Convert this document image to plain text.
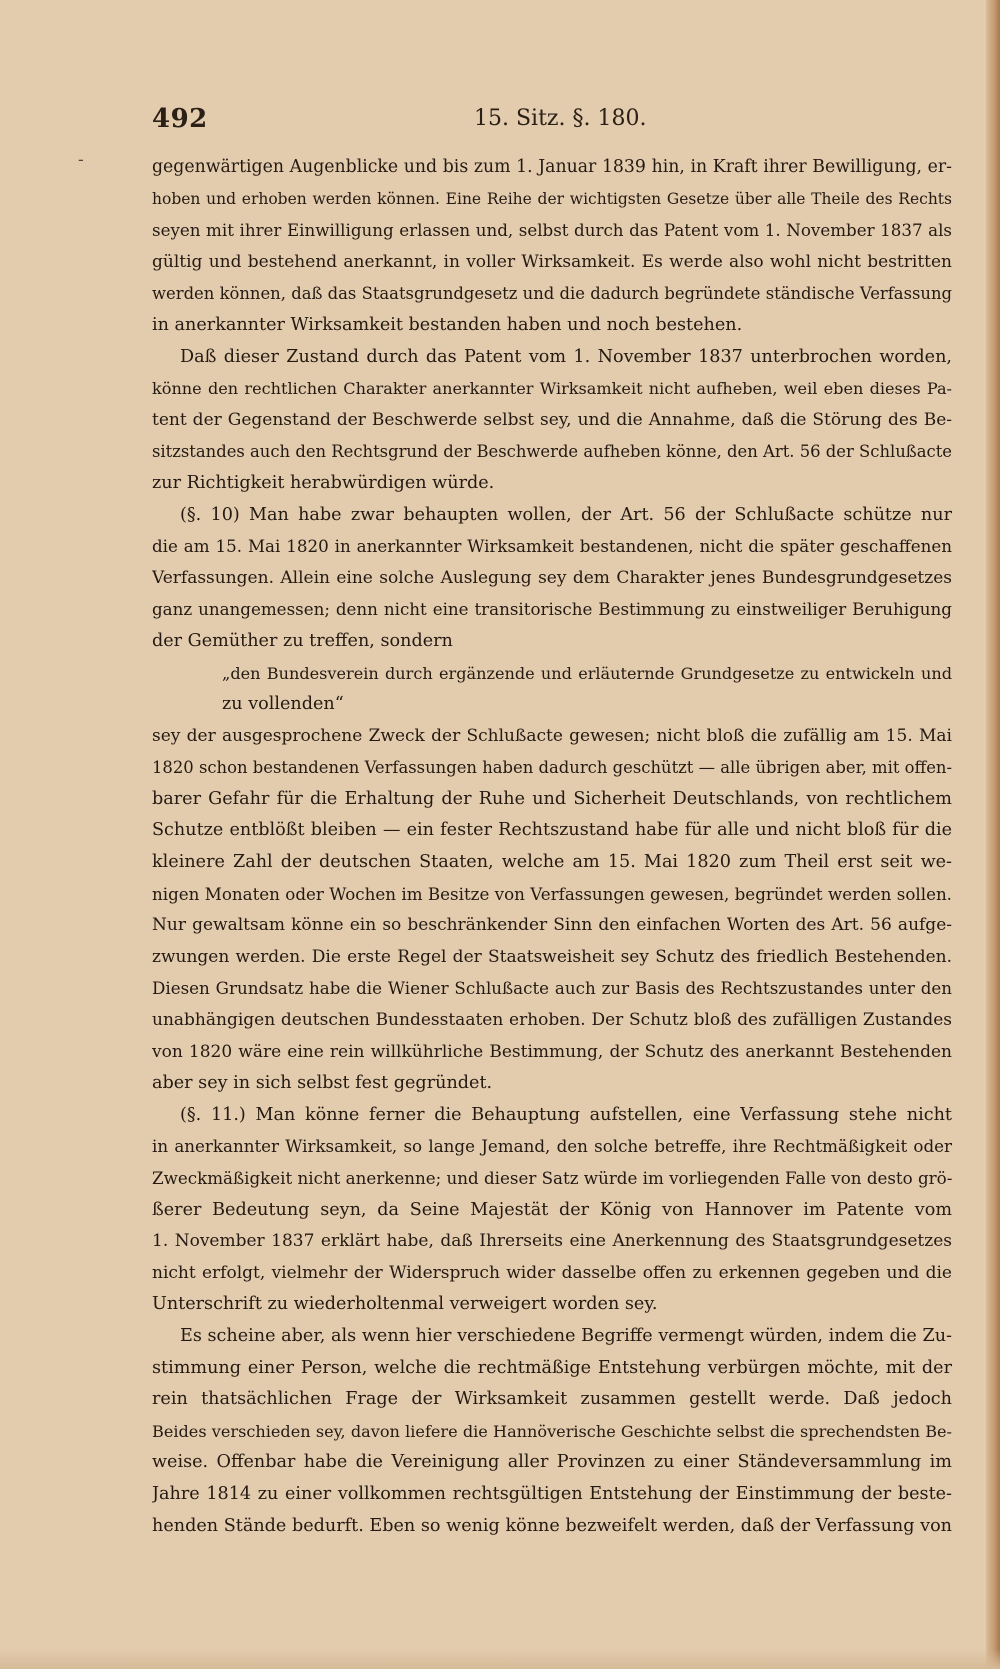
492	15. Sitz. §. 180.
-	gegenwärtigen Augenblicke und bis zum 1. Januar 1839 hin, in Kraft ihrer Bewilligung, er-
hoben und erhoben werden können. Eine Reihe der wichtigsten Gesetze über alle Theile des Rechts
seyen mit ihrer Einwilligung erlassen und, selbst durch das Patent vom 1. November 1837 als
gültig und bestehend anerkannt, in voller Wirksamkeit. Es werde also wohl nicht bestritten
werden können, daß das Staatsgrundgesetz und die dadurch begründete ständische Verfassung
in anerkannter Wirksamkeit bestanden haben und noch bestehen.
Daß dieser Zustand durch das Patent vom 1. November 1837 unterbrochen worden,
könne den rechtlichen Charakter anerkannter Wirksamkeit nicht aufheben, weil eben dieses Pa-
tent der Gegenstand der Beschwerde selbst sey, und die Annahme, daß die Störung des Be-
sitzstandes auch den Rechtsgrund der Beschwerde aufheben könne, den Art. 56 der Schlußacte
zur Richtigkeit herabwürdigen würde.
(§. 10) Man habe zwar behaupten wollen, der Art. 56 der Schlußacte schütze nur
die am 15. Mai 1820 in anerkannter Wirksamkeit bestandenen, nicht die später geschaffenen
Verfassungen. Allein eine solche Auslegung sey dem Charakter jenes Bundesgrundgesetzes
ganz unangemessen; denn nicht eine transitorische Bestimmung zu einstweiliger Beruhigung
der Gemüther zu treffen, sondern
„den Bundesverein durch ergänzende und erläuternde Grundgesetze zu entwickeln und
zu vollenden“
sey der ausgesprochene Zweck der Schlußacte gewesen; nicht bloß die zufällig am 15. Mai
1820 schon bestandenen Verfassungen haben dadurch geschützt — alle übrigen aber, mit offen-
barer Gefahr für die Erhaltung der Ruhe und Sicherheit Deutschlands, von rechtlichem
Schutze entblößt bleiben — ein fester Rechtszustand habe für alle und nicht bloß für die
kleinere Zahl der deutschen Staaten, welche am 15. Mai 1820 zum Theil erst seit we-
nigen Monaten oder Wochen im Besitze von Verfassungen gewesen, begründet werden sollen.
Nur gewaltsam könne ein so beschränkender Sinn den einfachen Worten des Art. 56 aufge-
zwungen werden. Die erste Regel der Staatsweisheit sey Schutz des friedlich Bestehenden.
Diesen Grundsatz habe die Wiener Schlußacte auch zur Basis des Rechtszustandes unter den
unabhängigen deutschen Bundesstaaten erhoben. Der Schutz bloß des zufälligen Zustandes
von 1820 wäre eine rein willkührliche Bestimmung, der Schutz des anerkannt Bestehenden
aber sey in sich selbst fest gegründet.
(§. 11.) Man könne ferner die Behauptung aufstellen, eine Verfassung stehe nicht
in anerkannter Wirksamkeit, so lange Jemand, den solche betreffe, ihre Rechtmäßigkeit oder
Zweckmäßigkeit nicht anerkenne; und dieser Satz würde im vorliegenden Falle von desto grö-
ßerer Bedeutung seyn, da Seine Majestät der König von Hannover im Patente vom
1. November 1837 erklärt habe, daß Ihrerseits eine Anerkennung des Staatsgrundgesetzes
nicht erfolgt, vielmehr der Widerspruch wider dasselbe offen zu erkennen gegeben und die
Unterschrift zu wiederholtenmal verweigert worden sey.
Es scheine aber, als wenn hier verschiedene Begriffe vermengt würden, indem die Zu-
stimmung einer Person, welche die rechtmäßige Entstehung verbürgen möchte, mit der
rein thatsächlichen Frage der Wirksamkeit zusammen gestellt werde. Daß jedoch
Beides verschieden sey, davon liefere die Hannöverische Geschichte selbst die sprechendsten Be-
weise. Offenbar habe die Vereinigung aller Provinzen zu einer Ständeversammlung im
Jahre 1814 zu einer vollkommen rechtsgültigen Entstehung der Einstimmung der beste-
henden Stände bedurft. Eben so wenig könne bezweifelt werden, daß der Verfassung von
